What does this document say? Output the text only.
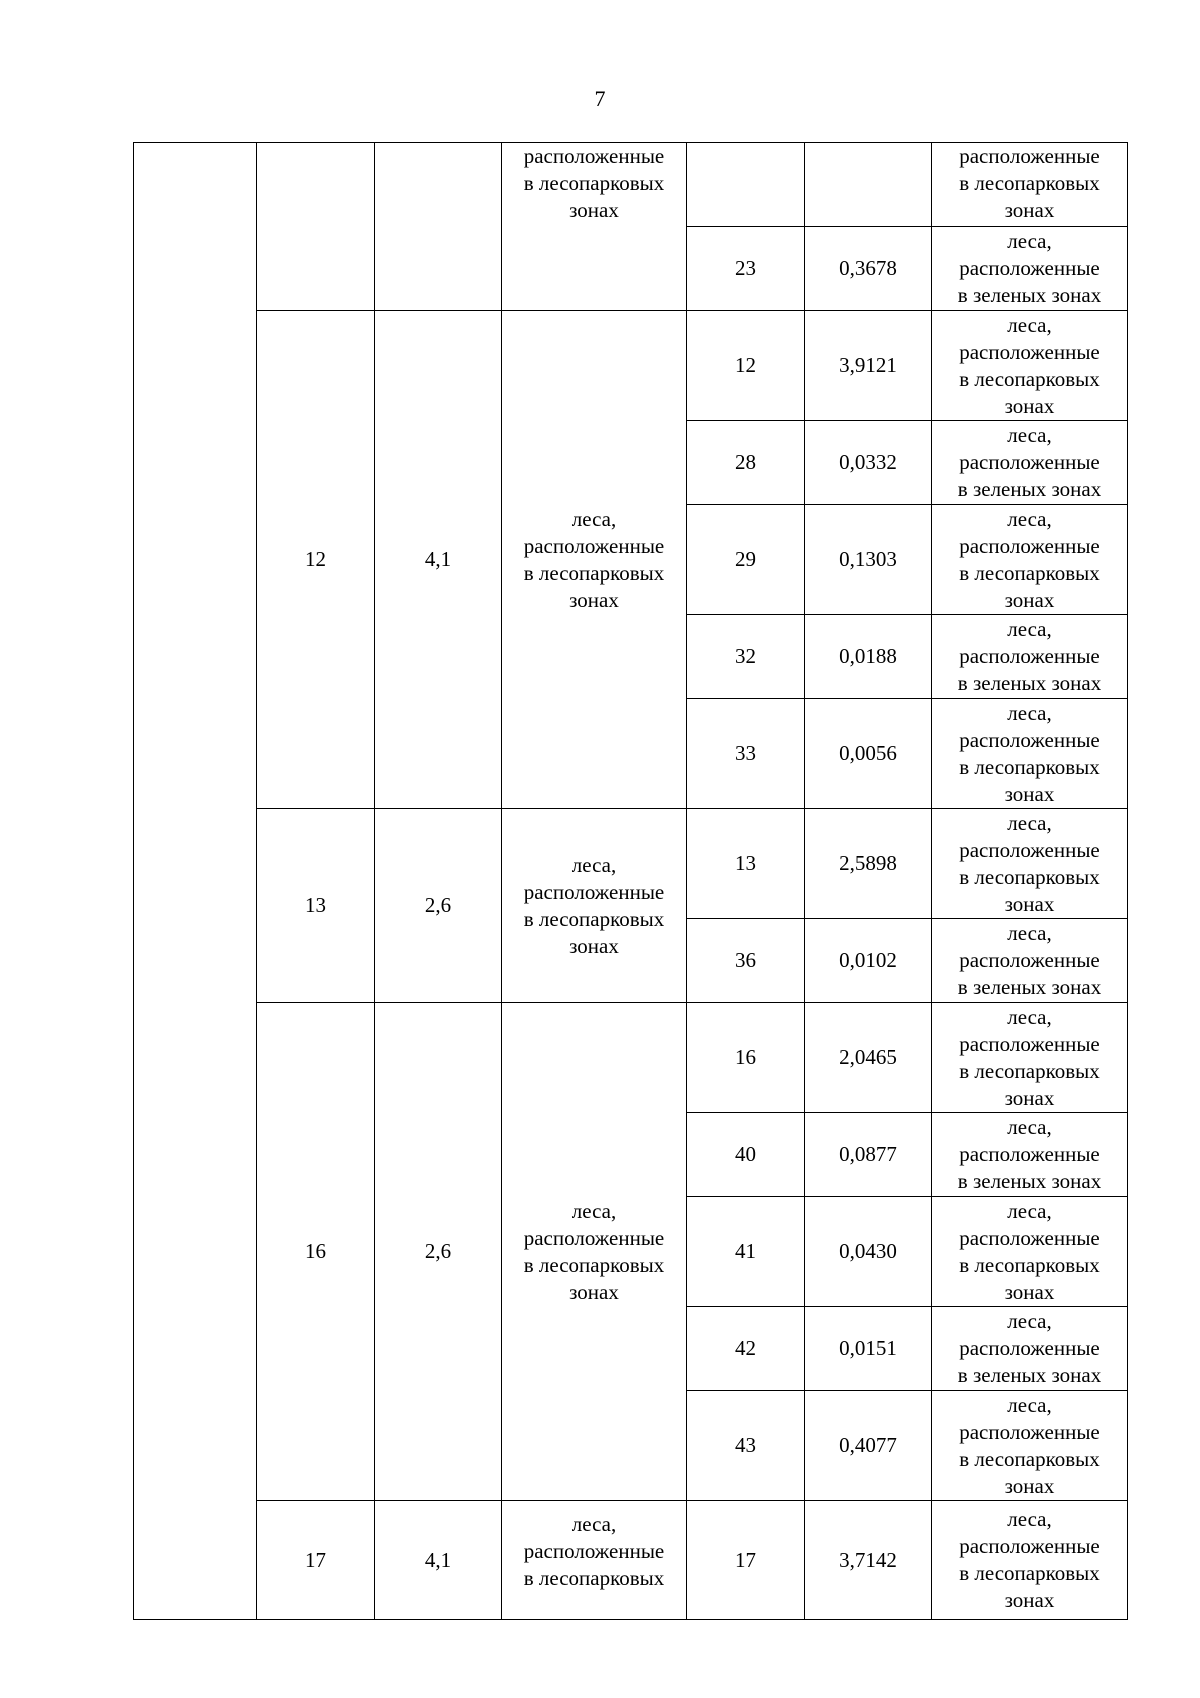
7
			расположенные
в лесопарковых
зонах			расположенные
в лесопарковых
зонах
				23	0,3678	леса,
расположенные
в зеленых зонах
	12	4,1	леса,
расположенные
в лесопарковых
зонах	12	3,9121	леса,
расположенные
в лесопарковых
зонах
				28	0,0332	леса,
расположенные
в зеленых зонах
				29	0,1303	леса,
расположенные
в лесопарковых
зонах
				32	0,0188	леса,
расположенные
в зеленых зонах
				33	0,0056	леса,
расположенные
в лесопарковых
зонах
	13	2,6	леса,
расположенные
в лесопарковых
зонах	13	2,5898	леса,
расположенные
в лесопарковых
зонах
				36	0,0102	леса,
расположенные
в зеленых зонах
	16	2,6	леса,
расположенные
в лесопарковых
зонах	16	2,0465	леса,
расположенные
в лесопарковых
зонах
				40	0,0877	леса,
расположенные
в зеленых зонах
				41	0,0430	леса,
расположенные
в лесопарковых
зонах
				42	0,0151	леса,
расположенные
в зеленых зонах
				43	0,4077	леса,
расположенные
в лесопарковых
зонах
	17	4,1	леса,
расположенные
в лесопарковых	17	3,7142	леса,
расположенные
в лесопарковых
зонах
